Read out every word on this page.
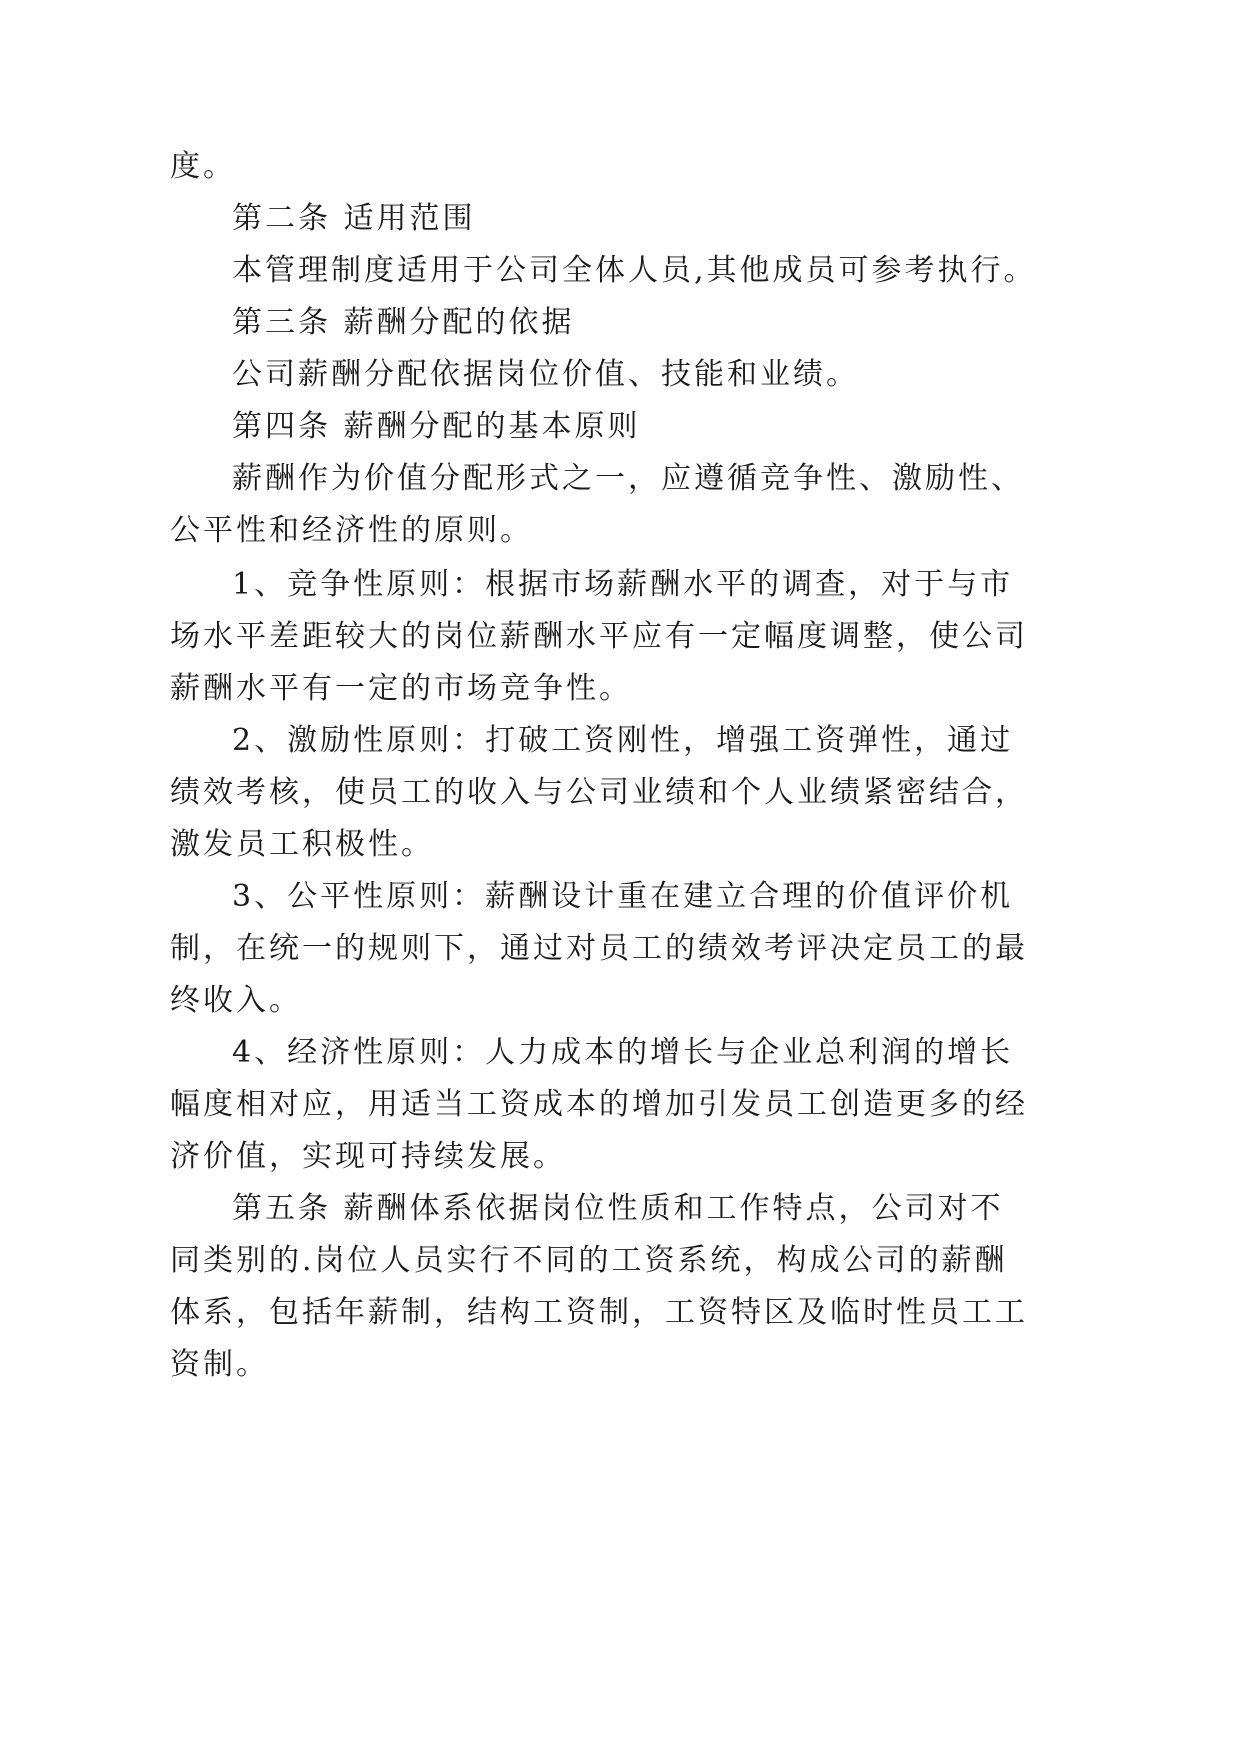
度。
第二条 适用范围
本管理制度适用于公司全体人员,其他成员可参考执行。
第三条 薪酬分配的依据
公司薪酬分配依据岗位价值、技能和业绩。
第四条 薪酬分配的基本原则
薪酬作为价值分配形式之一，应遵循竞争性、激励性、
公平性和经济性的原则。
1、竞争性原则：根据市场薪酬水平的调查，对于与市
场水平差距较大的岗位薪酬水平应有一定幅度调整，使公司
薪酬水平有一定的市场竞争性。
2、激励性原则：打破工资刚性，增强工资弹性，通过
绩效考核，使员工的收入与公司业绩和个人业绩紧密结合，
激发员工积极性。
3、公平性原则：薪酬设计重在建立合理的价值评价机
制，在统一的规则下，通过对员工的绩效考评决定员工的最
终收入。
4、经济性原则：人力成本的增长与企业总利润的增长
幅度相对应，用适当工资成本的增加引发员工创造更多的经
济价值，实现可持续发展。
第五条 薪酬体系依据岗位性质和工作特点，公司对不
同类别的.岗位人员实行不同的工资系统，构成公司的薪酬
体系，包括年薪制，结构工资制，工资特区及临时性员工工
资制。
